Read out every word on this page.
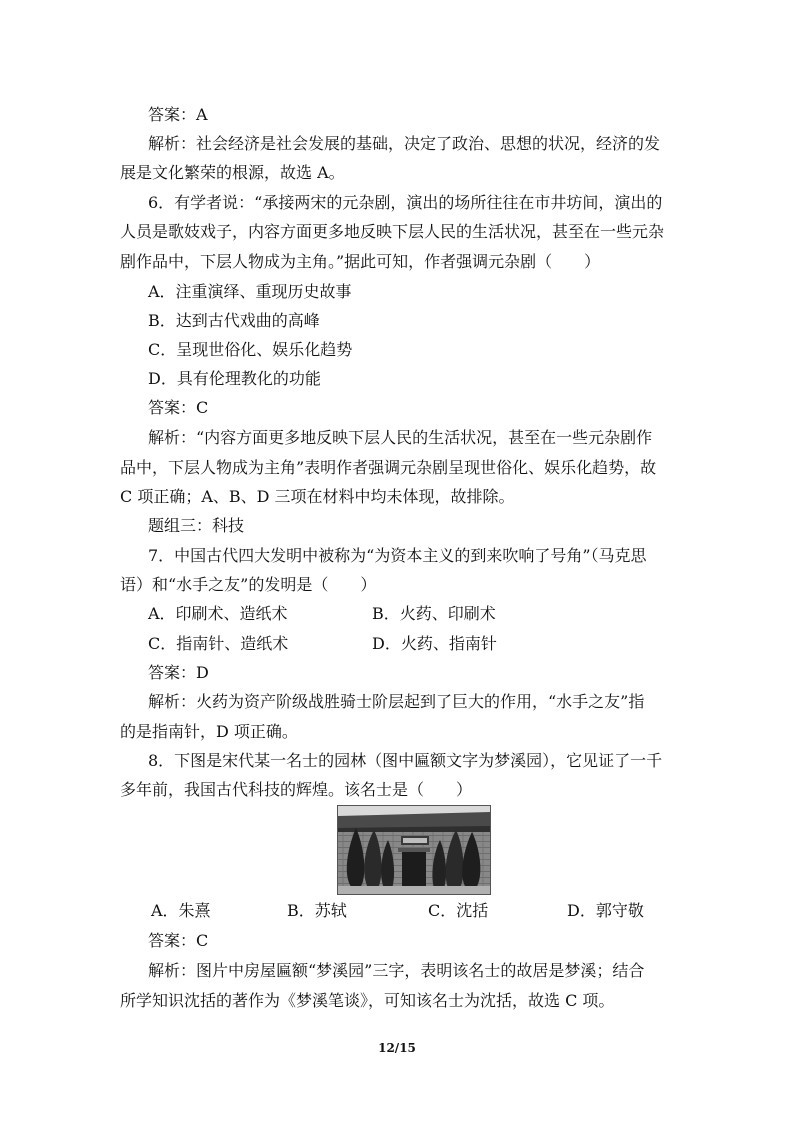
答案：A
解析：社会经济是社会发展的基础，决定了政治、思想的状况，经济的发
展是文化繁荣的根源，故选 A。
6．有学者说：“承接两宋的元杂剧，演出的场所往往在市井坊间，演出的
人员是歌妓戏子，内容方面更多地反映下层人民的生活状况，甚至在一些元杂
剧作品中，下层人物成为主角。”据此可知，作者强调元杂剧（　　）
A．注重演绎、重现历史故事
B．达到古代戏曲的高峰
C．呈现世俗化、娱乐化趋势
D．具有伦理教化的功能
答案：C
解析：“内容方面更多地反映下层人民的生活状况，甚至在一些元杂剧作
品中，下层人物成为主角”表明作者强调元杂剧呈现世俗化、娱乐化趋势，故
C 项正确；A、B、D 三项在材料中均未体现，故排除。
题组三：科技
7．中国古代四大发明中被称为“为资本主义的到来吹响了号角”（马克思
语）和“水手之友”的发明是（　　）
A．印刷术、造纸术	B．火药、印刷术
C．指南针、造纸术	D．火药、指南针
答案：D
解析：火药为资产阶级战胜骑士阶层起到了巨大的作用，“水手之友”指
的是指南针，D 项正确。
8．下图是宋代某一名士的园林（图中匾额文字为梦溪园），它见证了一千
多年前，我国古代科技的辉煌。该名士是（　　）
A．朱熹	B．苏轼	C．沈括	D．郭守敬
答案：C
解析：图片中房屋匾额“梦溪园”三字，表明该名士的故居是梦溪；结合
所学知识沈括的著作为《梦溪笔谈》，可知该名士为沈括，故选 C 项。
12/15
